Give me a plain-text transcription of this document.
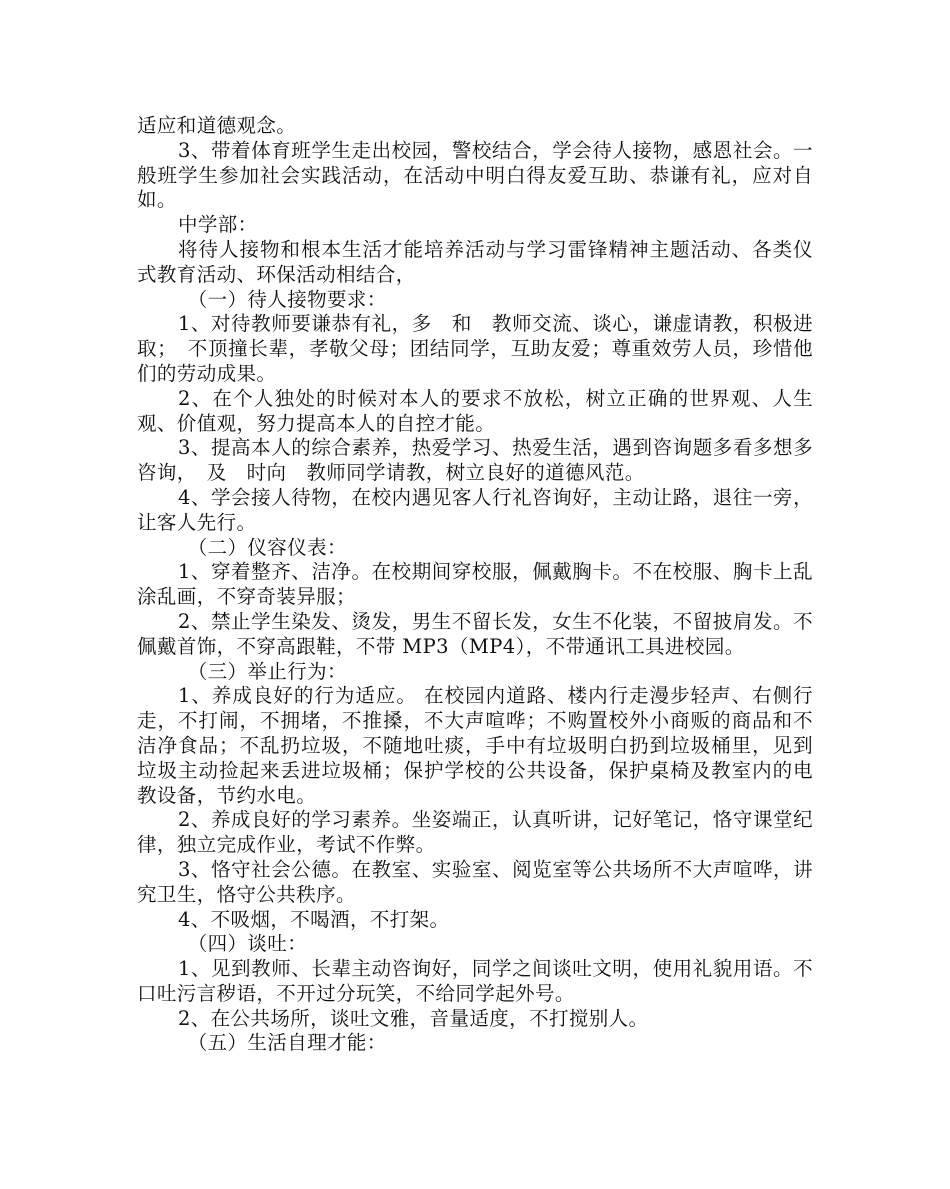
适应和道德观念。

3、带着体育班学生走出校园，警校结合，学会待人接物，感恩社会。一般班学生参加社会实践活动，在活动中明白得友爱互助、恭谦有礼，应对自如。

中学部：

将待人接物和根本生活才能培养活动与学习雷锋精神主题活动、各类仪式教育活动、环保活动相结合，

（一）待人接物要求：

1、对待教师要谦恭有礼，多　和　教师交流、谈心，谦虚请教，积极进取；　不顶撞长辈，孝敬父母；团结同学，互助友爱；尊重效劳人员，珍惜他们的劳动成果。

2、在个人独处的时候对本人的要求不放松，树立正确的世界观、人生观、价值观，努力提高本人的自控才能。

3、提高本人的综合素养，热爱学习、热爱生活，遇到咨询题多看多想多咨询，　及　时向　教师同学请教，树立良好的道德风范。

4、学会接人待物，在校内遇见客人行礼咨询好，主动让路，退往一旁，让客人先行。

（二）仪容仪表：

1、穿着整齐、洁净。在校期间穿校服，佩戴胸卡。不在校服、胸卡上乱涂乱画，不穿奇装异服；

2、禁止学生染发、烫发，男生不留长发，女生不化装，不留披肩发。不佩戴首饰，不穿高跟鞋，不带 MP3（MP4），不带通讯工具进校园。

（三）举止行为：

1、养成良好的行为适应。 在校园内道路、楼内行走漫步轻声、右侧行走，不打闹，不拥堵，不推搡，不大声喧哗；不购置校外小商贩的商品和不洁净食品；不乱扔垃圾，不随地吐痰，手中有垃圾明白扔到垃圾桶里，见到垃圾主动捡起来丢进垃圾桶；保护学校的公共设备，保护桌椅及教室内的电教设备，节约水电。

2、养成良好的学习素养。坐姿端正，认真听讲，记好笔记，恪守课堂纪律，独立完成作业，考试不作弊。

3、恪守社会公德。在教室、实验室、阅览室等公共场所不大声喧哗，讲究卫生，恪守公共秩序。

4、不吸烟，不喝酒，不打架。

（四）谈吐：

1、见到教师、长辈主动咨询好，同学之间谈吐文明，使用礼貌用语。不口吐污言秽语，不开过分玩笑，不给同学起外号。

2、在公共场所，谈吐文雅，音量适度，不打搅别人。

（五）生活自理才能：
